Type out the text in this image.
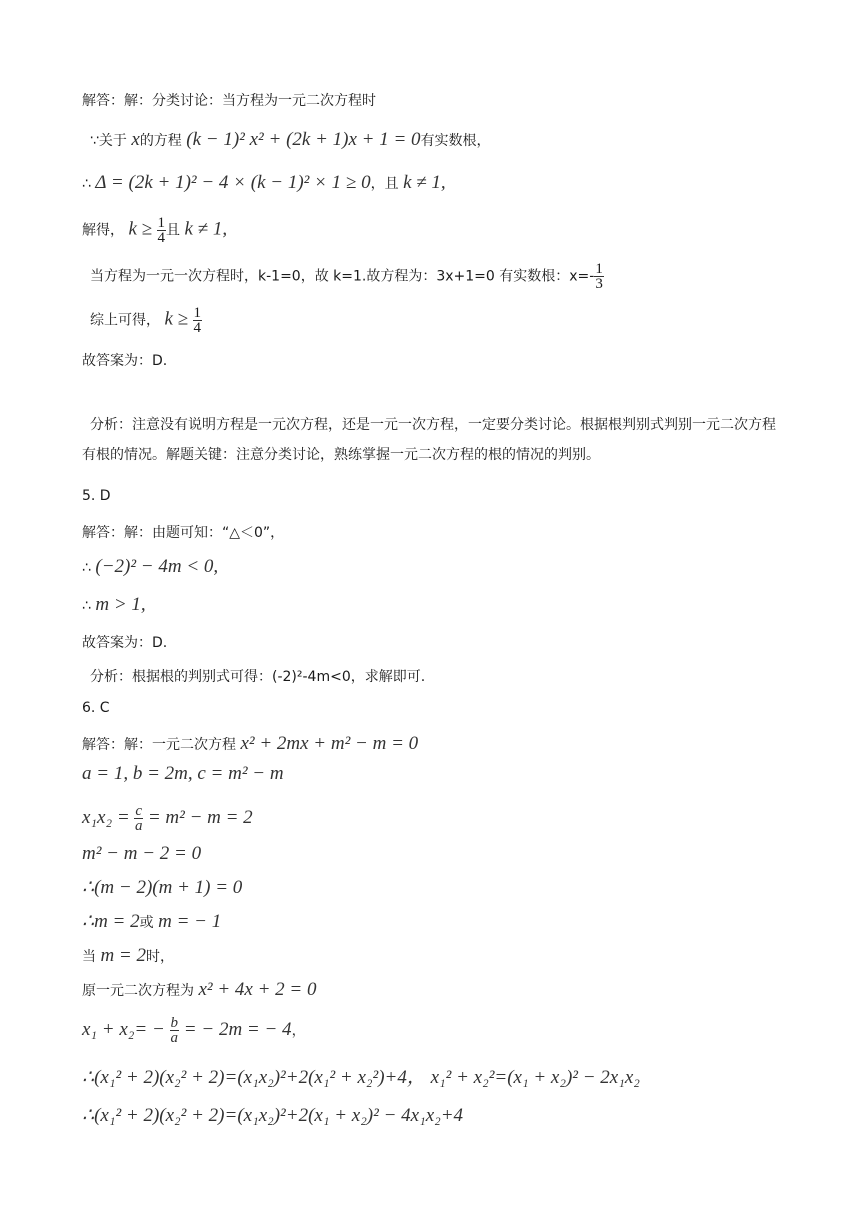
解答：解：分类讨论：当方程为一元二次方程时
∵关于 x的方程 (k − 1)² x² + (2k + 1)x + 1 = 0有实数根，
∴ Δ = (2k + 1)² − 4 × (k − 1)² × 1 ≥ 0，且 k ≠ 1,
解得， $k \ge \frac{1}{4}$ 且 k ≠ 1,
当方程为一元一次方程时，k-1=0，故 k=1.故方程为：3x+1=0 有实数根：$x=- \frac{1}{3}$
综上可得， $k \ge \frac{1}{4}$
故答案为：D.
分析：注意没有说明方程是一元次方程，还是一元一次方程，一定要分类讨论。根据根判别式判别一元二次方程有根的情况。解题关键：注意分类讨论，熟练掌握一元二次方程的根的情况的判别。
5. D
解答：解：由题可知：“△＜0”，
∴ (−2)² − 4m < 0,
∴ m > 1,
故答案为：D.
分析：根据根的判别式可得：(-2)²-4m<0，求解即可.
6. C
解答：解：一元二次方程 x² + 2mx + m² − m = 0
a = 1, b = 2m, c = m² − m
$x_1x_2 = \frac{c}{a} = m^2 - m = 2$
m² − m − 2 = 0
∴(m − 2)(m + 1) = 0
∴m = 2或 m = − 1
当 m = 2时，
原一元二次方程为 x² + 4x + 2 = 0
$x_1 + x_2= - \frac{b}{a}$ = − 2m = − 4，
∴(x₁² + 2)(x₂² + 2)=(x₁x₂)²+2(x₁² + x₂²)+4， x₁² + x₂²=(x₁ + x₂)² − 2x₁x₂
∴(x₁² + 2)(x₂² + 2)=(x₁x₂)²+2(x₁ + x₂)² − 4x₁x₂+4
